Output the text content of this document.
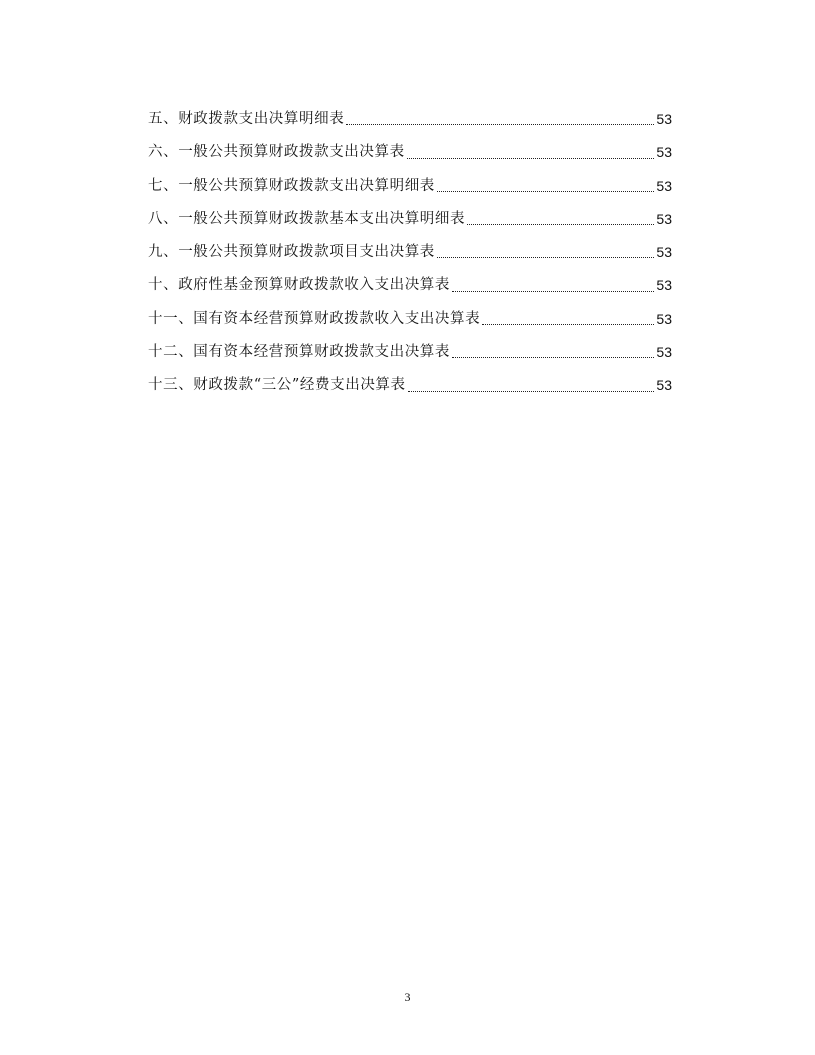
五、财政拨款支出决算明细表	53
六、一般公共预算财政拨款支出决算表	53
七、一般公共预算财政拨款支出决算明细表	53
八、一般公共预算财政拨款基本支出决算明细表	53
九、一般公共预算财政拨款项目支出决算表	53
十、政府性基金预算财政拨款收入支出决算表	53
十一、国有资本经营预算财政拨款收入支出决算表	53
十二、国有资本经营预算财政拨款支出决算表	53
十三、财政拨款“三公”经费支出决算表	53
3
